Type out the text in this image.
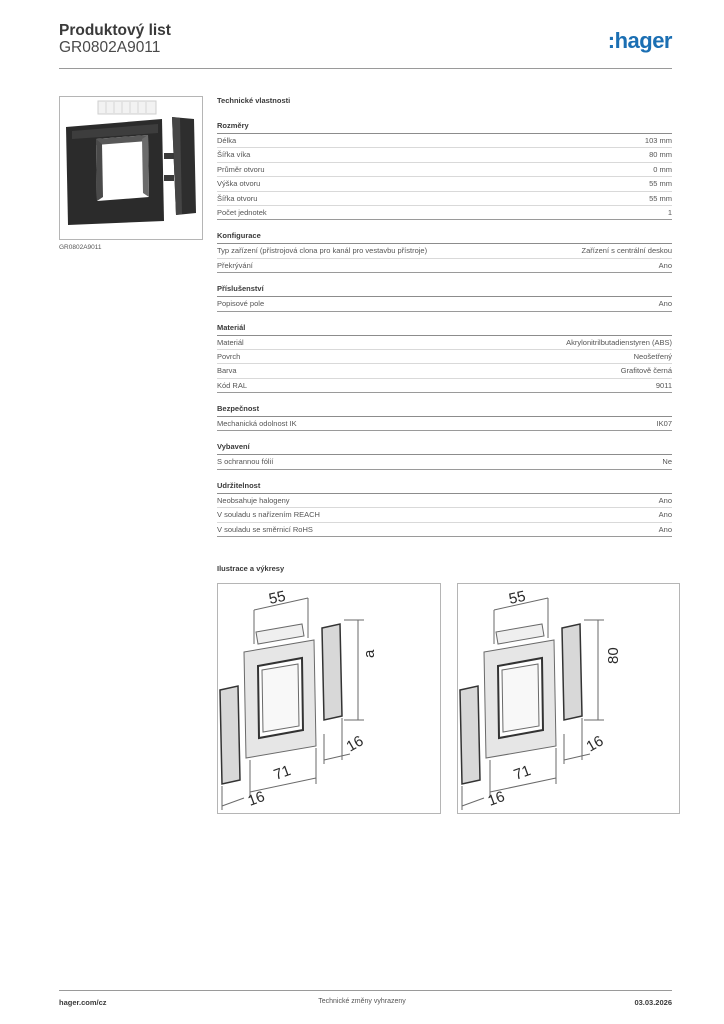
Produktový list
GR0802A9011	:hager
GR0802A9011
Technické vlastnosti
Rozměry
Délka	103 mm
Šířka víka	80 mm
Průměr otvoru	0 mm
Výška otvoru	55 mm
Šířka otvoru	55 mm
Počet jednotek	1
Konfigurace
Typ zařízení (přístrojová clona pro kanál pro vestavbu přístroje)	Zařízení s centrální deskou
Překrývání	Ano
Příslušenství
Popisové pole	Ano
Materiál
Materiál	Akrylonitrilbutadienstyren (ABS)
Povrch	Neošetřený
Barva	Grafitově černá
Kód RAL	9011
Bezpečnost
Mechanická odolnost IK	IK07
Vybavení
S ochrannou fólií	Ne
Udržitelnost
Neobsahuje halogeny	Ano
V souladu s nařízením REACH	Ano
V souladu se směrnicí RoHS	Ano
Ilustrace a výkresy
55
a
16
71
16
55
80
16
71
16
hager.com/cz	Technické změny vyhrazeny	03.03.2026
